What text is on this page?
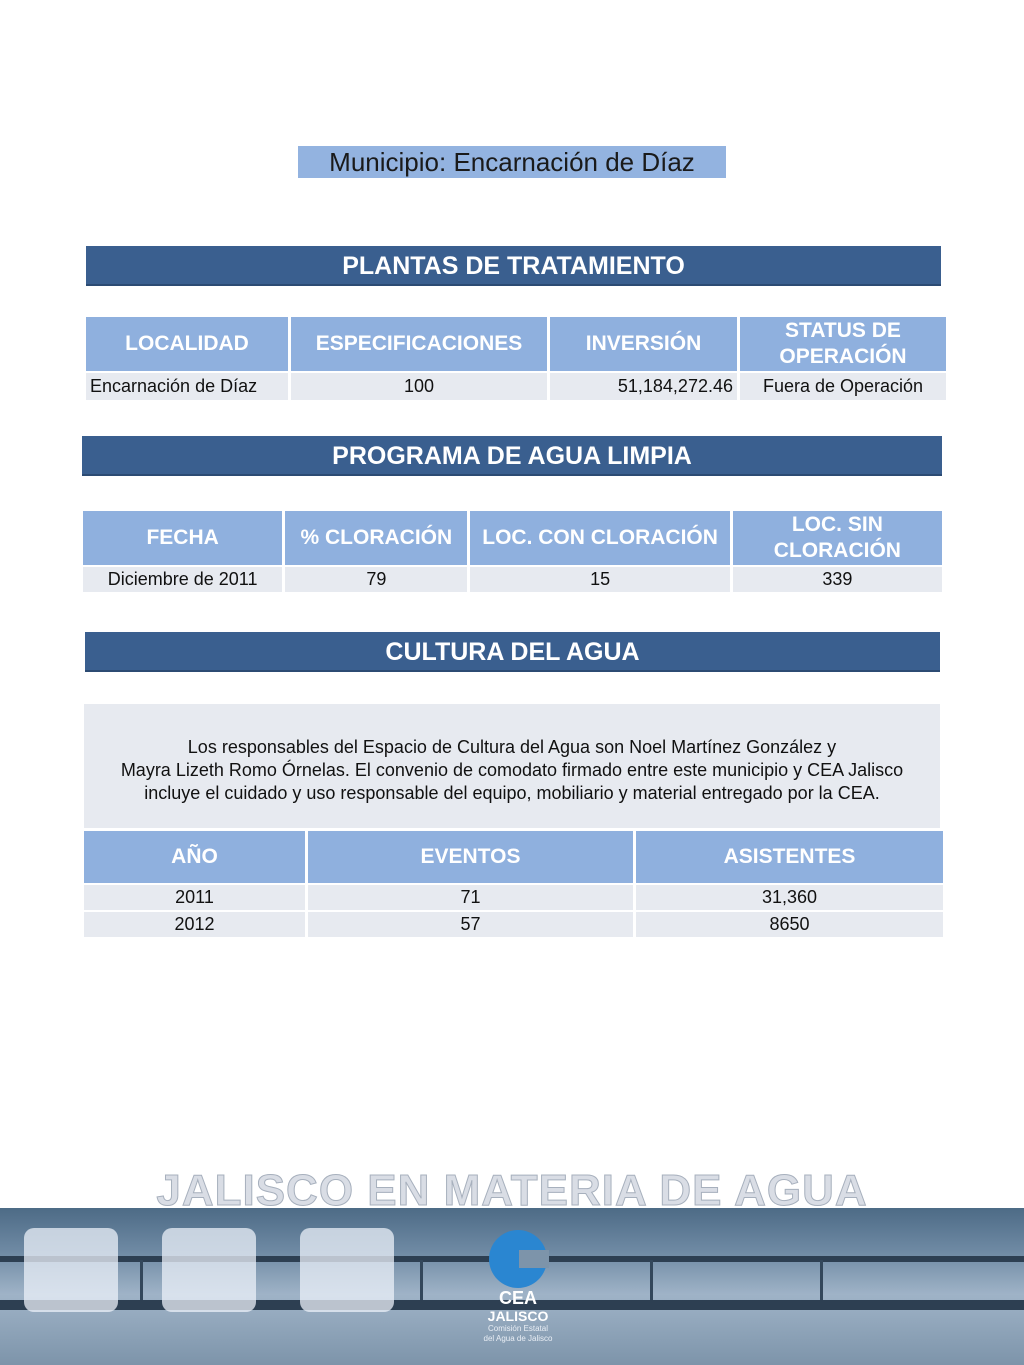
Municipio: Encarnación de Díaz
PLANTAS DE TRATAMIENTO
LOCALIDAD	ESPECIFICACIONES	INVERSIÓN	STATUS DE OPERACIÓN
Encarnación de Díaz	100	51,184,272.46	Fuera de Operación
PROGRAMA DE AGUA LIMPIA
FECHA	% CLORACIÓN	LOC. CON CLORACIÓN	LOC. SIN CLORACIÓN
Diciembre de 2011	79	15	339
CULTURA DEL AGUA
Los responsables del Espacio de Cultura del Agua son Noel Martínez González y
Mayra Lizeth Romo Órnelas. El convenio de comodato firmado entre este municipio y CEA Jalisco
incluye el cuidado y uso responsable del equipo, mobiliario y material entregado por la CEA.
AÑO	EVENTOS	ASISTENTES
2011	71	31,360
2012	57	8650
CEA
JALISCO
Comisión Estatal
del Agua de Jalisco
JALISCO EN MATERIA DE AGUA
